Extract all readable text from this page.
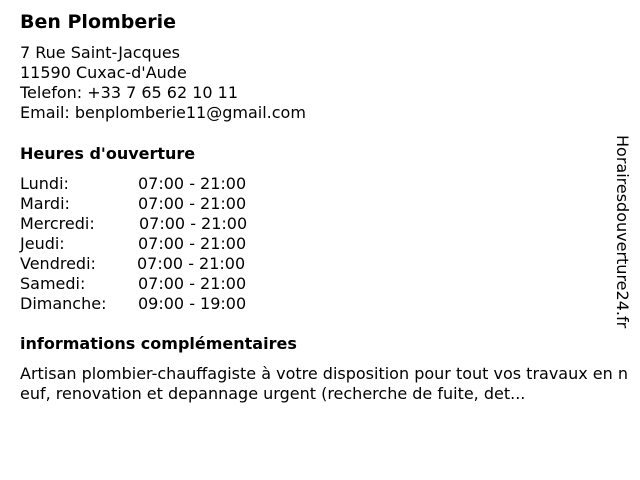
Ben Plomberie
7 Rue Saint-Jacques
11590 Cuxac-d'Aude
Telefon: +33 7 65 62 10 11
Email: benplomberie11@gmail.com
Heures d'ouverture
Lundi:	07:00 - 21:00
Mardi:	07:00 - 21:00
Mercredi:	07:00 - 21:00
Jeudi:	07:00 - 21:00
Vendredi:	07:00 - 21:00
Samedi:	07:00 - 21:00
Dimanche: 09:00 - 19:00
informations complémentaires
Artisan plombier-chauffagiste à votre disposition pour tout vos travaux en neuf, renovation et depannage urgent (recherche de fuite, det...
Horairesdouverture24.fr
